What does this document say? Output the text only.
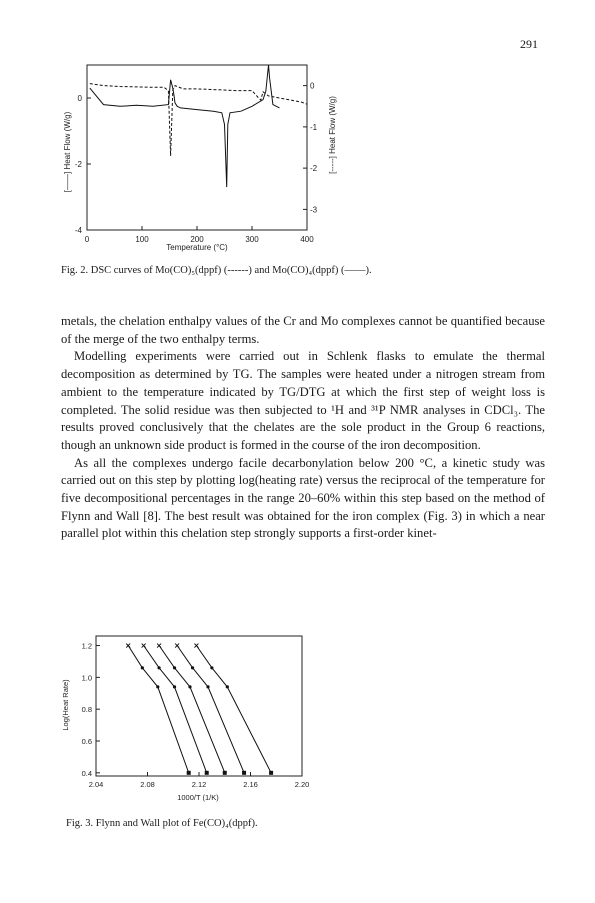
291
0	100	200	300	400
0
-2
-4
0
-1
-2
-3
Temperature (°C)
[——] Heat Flow (W/g)	[-----] Heat Flow (W/g)
Fig. 2. DSC curves of Mo(CO)₅(dppf) (------) and Mo(CO)₄(dppf) (——).

metals, the chelation enthalpy values of the Cr and Mo complexes cannot be quantified because of the merge of the two enthalpy terms.

Modelling experiments were carried out in Schlenk flasks to emulate the thermal decomposition as determined by TG. The samples were heated under a nitrogen stream from ambient to the temperature indicated by TG/DTG at which the first step of weight loss is completed. The solid residue was then subjected to ¹H and ³¹P NMR analyses in CDCl₃. The results proved conclusively that the chelates are the sole product in the Group 6 reactions, though an unknown side product is formed in the course of the iron decomposition.

As all the complexes undergo facile decarbonylation below 200 °C, a kinetic study was carried out on this step by plotting log(heating rate) versus the reciprocal of the temperature for five decompositional percentages in the range 20–60% within this step based on the method of Flynn and Wall [8]. The best result was obtained for the iron complex (Fig. 3) in which a near parallel plot within this chelation step strongly supports a first-order kinet-

2.04	2.08	2.12	2.16	2.20
1.2
1.0
0.8
0.6
0.4
1000/T (1/K)
Log(Heat Rate)
Fig. 3. Flynn and Wall plot of Fe(CO)₄(dppf).
